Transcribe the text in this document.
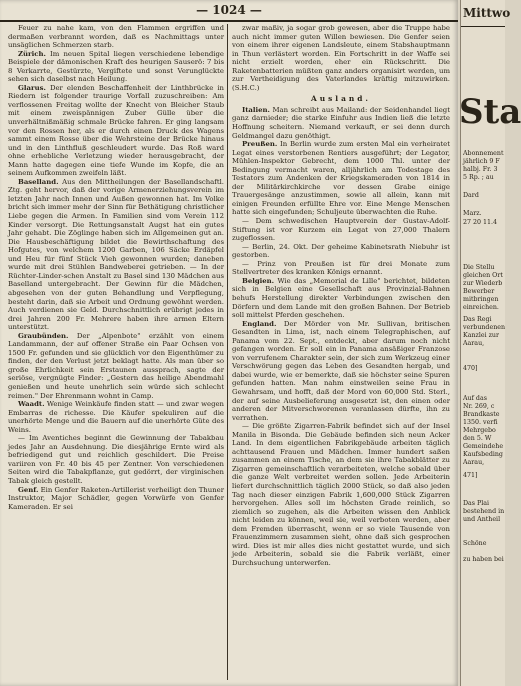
— 1024 —

Feuer zu nahe kam, von den Flammen ergriffen und dermaßen verbrannt worden, daß es Nachmittags unter unsäglichen Schmerzen starb.

Zürich. Im neuen Spital liegen verschiedene lebendige Beispiele der dämonischen Kraft des heurigen Sauserö: 7 bis 8 Verkarrte, Gestürzte, Vergiftete und sonst Verunglückte sehen sich daselbst nach Heilung.

Glarus. Der elenden Beschaffenheit der Linthbrücke in Riedern ist folgender traurige Vorfall zuzuschreiben: Am verflossenen Freitag wollte der Knecht von Bleicher Staub mit einem zweispännigen Zuber Gülle über die unverhältnißmäßig schmale Brücke fahren. Er ging langsam vor den Rossen her, als er durch einen Druck des Wagens sammt einem Rosse über die Wehrsteine der Brücke hinaus und in den Linthfluß geschleudert wurde. Das Roß ward ohne erhebliche Verletzung wieder herausgebracht, der Mann hatte dagegen eine tiefe Wunde im Kopfe, die an seinem Aufkommen zweifeln läßt.

Baselland. Aus den Mittheilungen der Basellandschaftl. Ztg. geht hervor, daß der vorige Armenerziehungsverein im letzten Jahr nach Innen und Außen gewonnen hat. Im Volke bricht sich immer mehr der Sinn für Bethätigung christlicher Liebe gegen die Armen. In Familien sind vom Verein 112 Kinder versorgt. Die Rettungsanstalt Augst hat ein gutes Jahr gehabt. Die Zöglinge haben sich im Allgemeinen gut an. Die Hausbeschäftigung bildet die Bewirthschaftung des Hofgutes, von welchem 1200 Garben, 106 Säcke Erdäpfel und Heu für fünf Stück Vieh gewonnen wurden; daneben wurde mit drei Stühlen Bandweberei getrieben. — In der Rüchter-Linder-schen Anstalt zu Basel sind 130 Mädchen aus Baselland untergebracht. Der Gewinn für die Mädchen, abgesehen von der guten Behandlung und Verpflegung, besteht darin, daß sie Arbeit und Ordnung gewöhnt werden. Auch verdienen sie Geld. Durchschnittlich erübrigt jedes in drei Jahren 200 Fr. Mehrere haben ihre armen Eltern unterstützt.

Graubünden. Der „Alpenbote" erzählt von einem Landammann, der auf offener Straße ein Paar Ochsen von 1500 Fr. gefunden und sie glücklich vor den Eigenthümer zu finden, der den Verlust jetzt beklagt hatte. Als man über so große Ehrlichkeit sein Erstaunen aussprach, sagte der seriöse, vergnügte Finder: „Gestern das heilige Abendmahl genießen und heute unehrlich sein würde sich schlecht reimen." Der Ehrenmann wohnt in Camp.

Waadt. Wenige Weinkäufe finden statt — und zwar wegen Embarras de richesse. Die Käufer spekuliren auf die unerhörte Menge und die Bauern auf die unerhörte Güte des Weins.

— Im Aventiches beginnt die Gewinnung der Tabakbau jedes Jahr an Ausdehnung. Die diesjährige Ernte wird als befriedigend gut und reichlich geschildert. Die Preise variiren von Fr. 40 bis 45 per Zentner. Von verschiedenen Seiten wird die Tabakpflanze, gut gedörrt, der virginischen Tabak gleich gestellt.

Genf. Ein Genfer Raketen-Artillerist verheiligt den Thuner Instruktor, Major Schädler, gegen Vorwürfe von Genfer Kameraden. Er sei

zwar maßiv, ja sogar grob gewesen, aber die Truppe habe auch nicht immer guten Willen bewiesen. Die Genfer seien von einem ihrer eigenen Landsleute, einem Stabshauptmann in Thun verlästert worden. Ein Fortschritt in der Waffe sei nicht erzielt worden, eher ein Rückschritt. Die Raketenbatterien müßten ganz anders organisirt werden, um zur Vertheidigung des Vaterlandes kräftig mitzuwirken. (S.H.C.)

Ausland.

Italien. Man schreibt aus Mailand: der Seidenhandel liegt ganz darnieder; die starke Einfuhr aus Indien ließ die letzte Hoffnung scheitern. Niemand verkauft, er sei denn durch Geldmangel dazu genöthigt.

Preußen. In Berlin wurde zum ersten Mal ein verheiratet Legat eines verstorbenen Rentiers ausgeführt; der Legator, Mühlen-Inspektor Gebrecht, dem 1000 Thl. unter der Bedingung vermacht waren, alljährlich am Todestage des Testators zum Andenken der Kriegskameraden von 1814 in der Militärkirchkirche vor dessen Grabe einige Trauergesänge anzustimmen, sowie all allein, kann mit einigen Freunden erfüllte Ehre vor. Eine Menge Menschen hatte sich eingefunden; Schuljeute überwachten die Ruhe.

— Dem schwedischen Hauptverein der Gustav-Adolf-Stiftung ist vor Kurzem ein Legat von 27,000 Thalern zugeflossen.

— Berlin, 24. Okt. Der geheime Kabinetsrath Niebuhr ist gestorben.

— Prinz von Preußen ist für drei Monate zum Stellvertreter des kranken Königs ernannt.

Belgien. Wie das „Memorial de Lille" berichtet, bildeten sich in Belgien eine Gesellschaft aus Provinzial-Bahnen behufs Herstellung direkter Verbindungen zwischen den Dörfern und dem Lande mit den großen Bahnen. Der Betrieb soll mittelst Pferden geschehen.

England. Der Mörder von Mr. Sullivan, britischen Gesandten in Lima, ist, nach einem Telegraphischen, auf Panama vom 22. Sept., entdeckt, aber darum noch nicht gefangen worden. Er soll ein in Panama ansäßiger Franzose von verrufenem Charakter sein, der sich zum Werkzeug einer Verschwörung gegen das Leben des Gesandten hergab, und dabei wurde, wie er bemerkte, daß sie höchster seine Spuren gefunden hatten. Man nahm einstweilen seine Frau in Gewahrsam, und hofft, daß der Mord von 60,000 Std. Sterl., der auf seine Ausbelieferung ausgesetzt ist, den einen oder anderen der Mitverschworenen veranlassen dürfte, ihn zu verrathen.

— Die größte Zigarren-Fabrik befindet sich auf der Insel Manila in Bisonda. Die Gebäude befinden sich neun Acker Land. In dem eigentlichen Fabrikgebäude arbeiten täglich achttausend Frauen und Mädchen. Immer hundert saßen zusammen an einem Tische, an dem sie ihre Tabakblätter zu Zigarren gemeinschaftlich verarbeiteten, welche sobald über die ganze Welt verbreitet werden sollen. Jede Arbeiterin liefert durchschnittlich täglich 2000 Stück, so daß also jeden Tag nach dieser einzigen Fabrik 1,600,000 Stück Zigarren hervorgehen. Alles soll im höchsten Grade reinlich, so ziemlich so zugehen, als die Arbeiten wissen den Anblick nicht leiden zu können, weil sie, weil verboten werden, aber dem Fremden überrascht, wenn er so viele Tausende von Frauenzimmern zusammen sieht, ohne daß sich gesprochen wird. Dies ist mir alles dies nicht gestattet wurde, und sich jede Arbeiterin, sobald sie die Fabrik verläßt, einer Durchsuchung unterwerfen.

Mittwo
Sta
Abonnement
jährlich 9 F
halbj. Fr. 3
5 Rp. ; au
Dard
Marz.
27 20 11.4
Die Stellu
gleichen Ort
zur Wiederb
Bewerber
mitbringen
einreichen.
Das Regi
verbundenen
Kanzlei zur
Aarau,
470]
Auf das
Nr. 269, c
Brandkaste
1350. verfi
Mehrgebo
den 5. W
Gemeindehe
Kaufsbeding
Aarau,
471]
Das Plai
bestehend in
und Antheil
Schöne
zu haben bei
